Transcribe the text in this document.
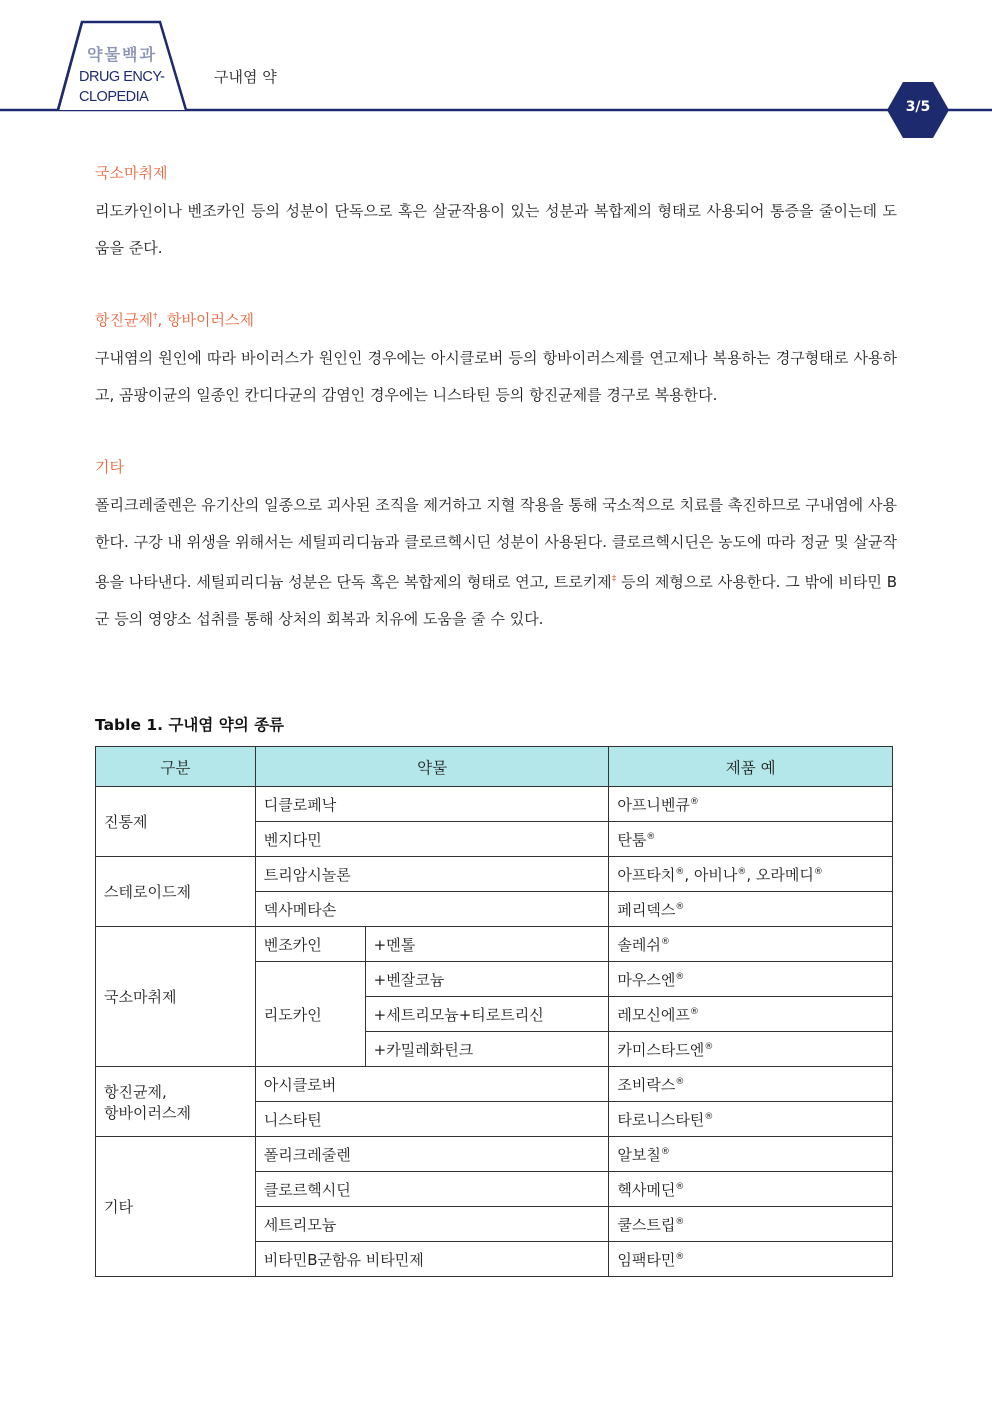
약물백과
DRUG ENCY-
CLOPEDIA
구내염 약
3/5

국소마취제

리도카인이나 벤조카인 등의 성분이 단독으로 혹은 살균작용이 있는 성분과 복합제의 형태로 사용되어 통증을 줄이는데 도움을 준다.

항진균제†, 항바이러스제

구내염의 원인에 따라 바이러스가 원인인 경우에는 아시클로버 등의 항바이러스제를 연고제나 복용하는 경구형태로 사용하고, 곰팡이균의 일종인 칸디다균의 감염인 경우에는 니스타틴 등의 항진균제를 경구로 복용한다.

기타

폴리크레줄렌은 유기산의 일종으로 괴사된 조직을 제거하고 지혈 작용을 통해 국소적으로 치료를 촉진하므로 구내염에 사용한다. 구강 내 위생을 위해서는 세틸피리디늄과 클로르헥시딘 성분이 사용된다. 클로르헥시딘은 농도에 따라 정균 및 살균작용을 나타낸다. 세틸피리디늄 성분은 단독 혹은 복합제의 형태로 연고, 트로키제‡ 등의 제형으로 사용한다. 그 밖에 비타민 B군 등의 영양소 섭취를 통해 상처의 회복과 치유에 도움을 줄 수 있다.

Table 1. 구내염 약의 종류
구분	약물		제품 예
진통제	디클로페낙		아프니벤큐®
	벤지다민		탄툼®
스테로이드제	트리암시놀론		아프타치®, 아비나®, 오라메디®
	덱사메타손		페리덱스®
국소마취제	벤조카인	+멘톨	솔레쉬®
	리도카인	+벤잘코늄	마우스엔®
		+세트리모늄+티로트리신	레모신에프®
		+카밀레화틴크	카미스타드엔®

항진균제,
항바이러스제	아시클로버		조비락스®
	니스타틴		타로니스타틴®
기타	폴리크레줄렌		알보칠®
	클로르헥시딘		헥사메딘®
	세트리모늄		쿨스트립®
	비타민B군함유 비타민제		임팩타민®
